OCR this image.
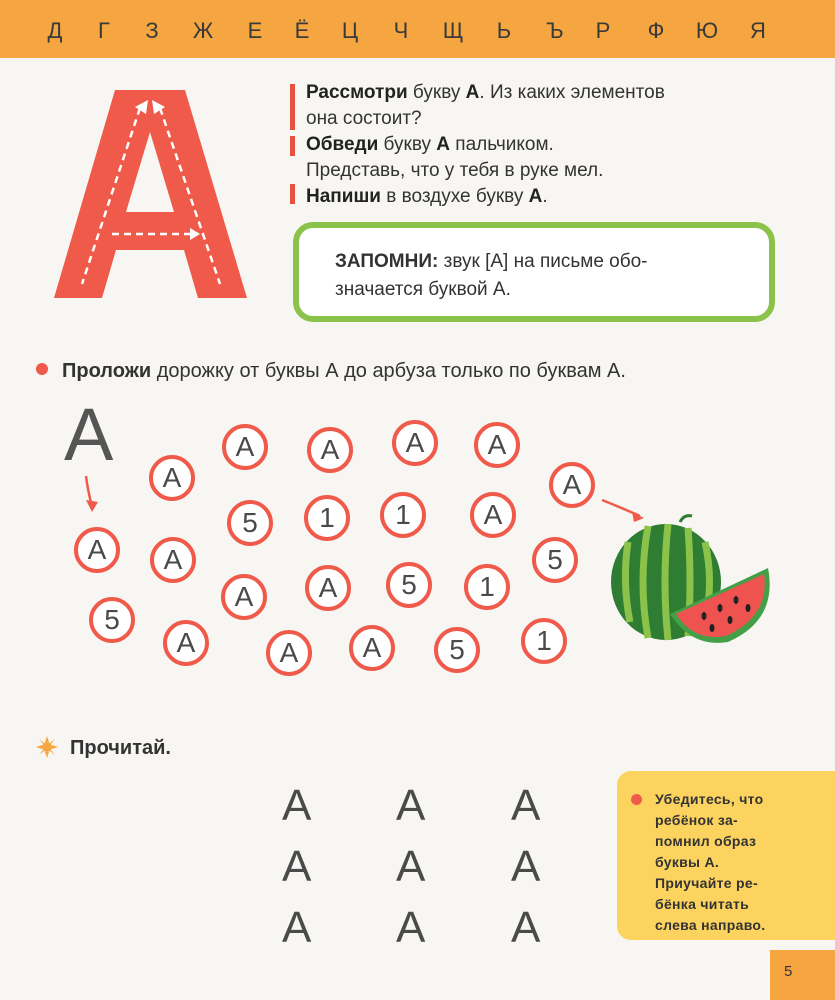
Д Г З Ж Е Ё Ц Ч Щ Ь Ъ Р Ф Ю Я
Рассмотри букву А. Из каких элементов
она состоит?
Обведи букву А пальчиком.
Представь, что у тебя в руке мел.
Напиши в воздухе букву А.
ЗАПОМНИ: звук [А] на письме обо-
значается буквой А.
Проложи дорожку от буквы А до арбуза только по буквам А.
А	А	А	А	А
А	А
5	1	1	А
А	А	5
А	А	5	1
5
А	А	А	5	1
Прочитай.
А А А
А А А
А А А
Убедитесь, что
ребёнок за-
помнил образ
буквы А.
Приучайте ре-
бёнка читать
слева направо.
5
